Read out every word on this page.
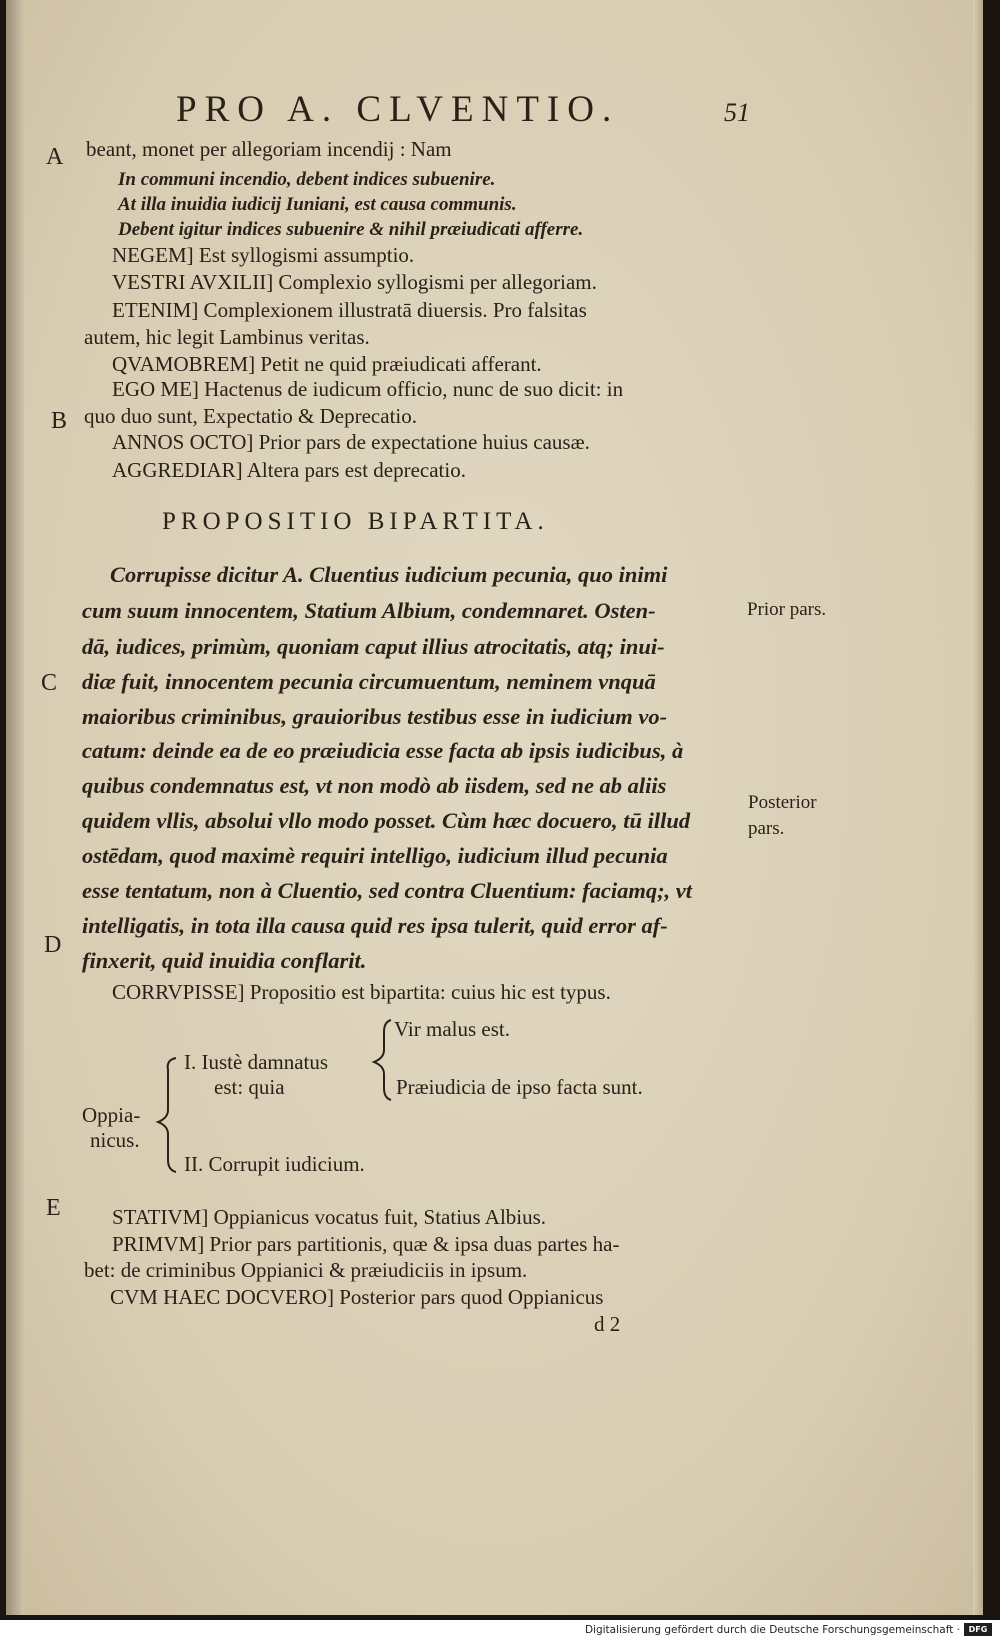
PRO A. CLVENTIO.	51
A
B
C
D
E
beant, monet per allegoriam incendij : Nam
In communi incendio, debent indices subuenire.
At illa inuidia iudicij Iuniani, est causa communis.
Debent igitur indices subuenire & nihil præiudicati afferre.
NEGEM] Est syllogismi assumptio.
VESTRI AVXILII] Complexio syllogismi per allegoriam.
ETENIM] Complexionem illustratā diuersis. Pro falsitas
autem, hic legit Lambinus veritas.
QVAMOBREM] Petit ne quid præiudicati afferant.
EGO ME] Hactenus de iudicum officio, nunc de suo dicit: in
quo duo sunt, Expectatio & Deprecatio.
ANNOS OCTO] Prior pars de expectatione huius causæ.
AGGREDIAR] Altera pars est deprecatio.
PROPOSITIO BIPARTITA.
Corrupisse dicitur A. Cluentius iudicium pecunia, quo inimi
cum suum innocentem, Statium Albium, condemnaret. Osten-
dā, iudices, primùm, quoniam caput illius atrocitatis, atq; inui-
diæ fuit, innocentem pecunia circumuentum, neminem vnquā
maioribus criminibus, grauioribus testibus esse in iudicium vo-
catum: deinde ea de eo præiudicia esse facta ab ipsis iudicibus, à
quibus condemnatus est, vt non modò ab iisdem, sed ne ab aliis
quidem vllis, absolui vllo modo posset. Cùm hæc docuero, tū illud
ostēdam, quod maximè requiri intelligo, iudicium illud pecunia
esse tentatum, non à Cluentio, sed contra Cluentium: faciamq;, vt
intelligatis, in tota illa causa quid res ipsa tulerit, quid error af-
finxerit, quid inuidia conflarit.
Prior pars.
Posterior
pars.
CORRVPISSE] Propositio est bipartita: cuius hic est typus.
Vir malus est.
I. Iustè damnatus
est: quia	Præiudicia de ipso facta sunt.
Oppia-
nicus.
II. Corrupit iudicium.
STATIVM] Oppianicus vocatus fuit, Statius Albius.
PRIMVM] Prior pars partitionis, quæ & ipsa duas partes ha-
bet: de criminibus Oppianici & præiudiciis in ipsum.
CVM HAEC DOCVERO] Posterior pars quod Oppianicus
d 2
Digitalisierung gefördert durch die Deutsche Forschungsgemeinschaft ·	DFG
